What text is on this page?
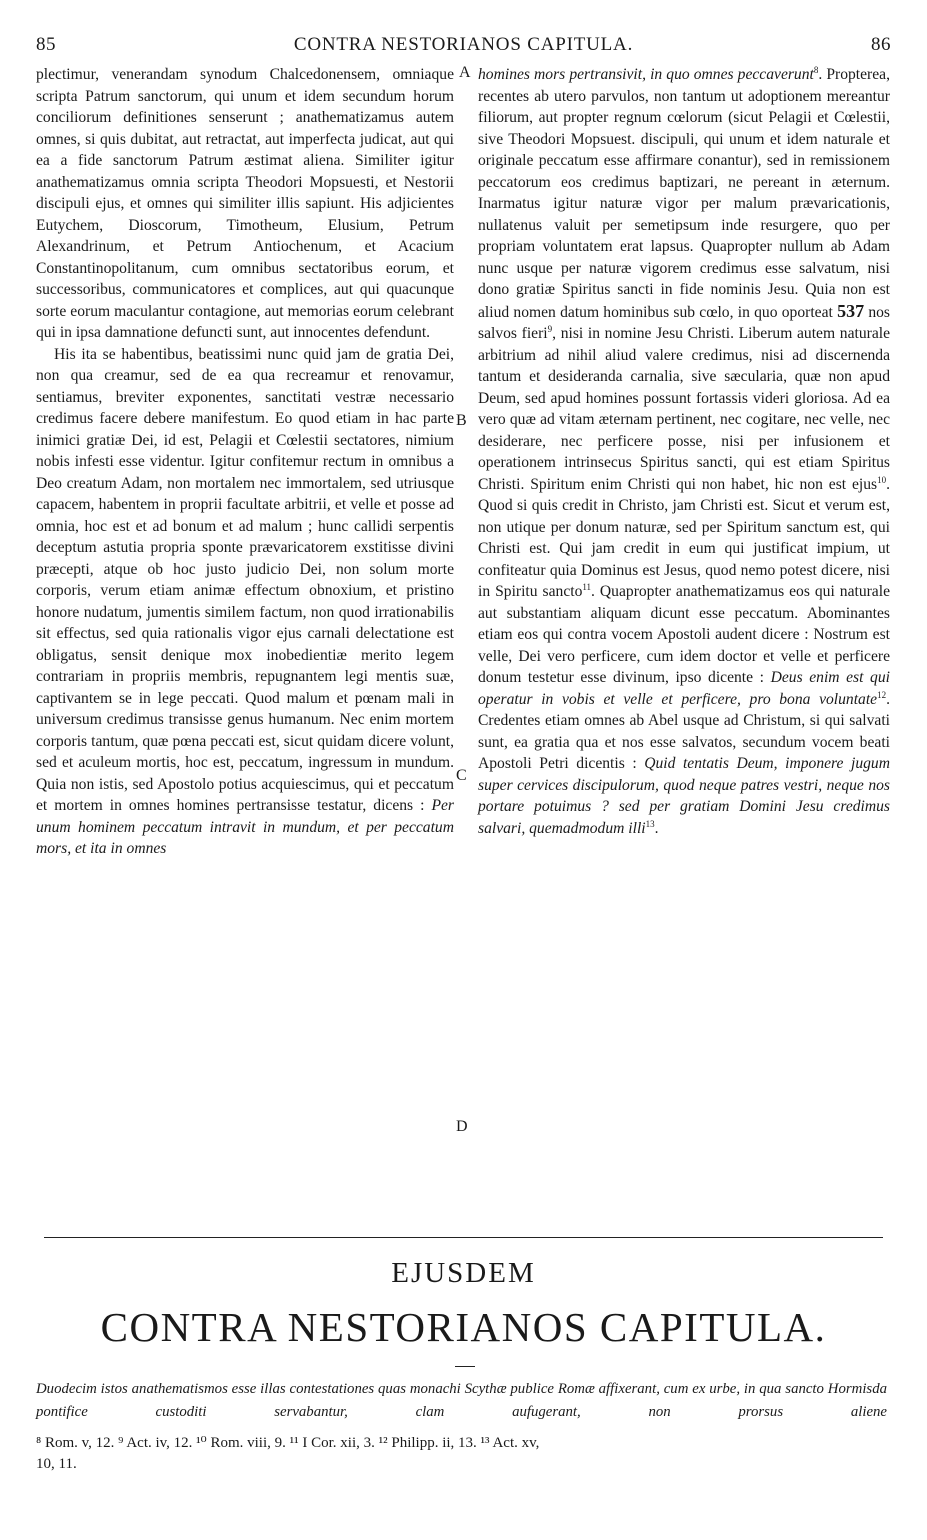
85	CONTRA NESTORIANOS CAPITULA.	86

plectimur, venerandam synodum Chalcedonensem, omniaque scripta Patrum sanctorum, qui unum et idem secundum horum conciliorum definitiones senserunt ; anathematizamus autem omnes, si quis dubitat, aut retractat, aut imperfecta judicat, aut qui ea a fide sanctorum Patrum æstimat aliena. Similiter igitur anathematizamus omnia scripta Theodori Mopsuesti, et Nestorii discipuli ejus, et omnes qui similiter illis sapiunt. His adjicientes Eutychem, Dioscorum, Timotheum, Elusium, Petrum Alexandrinum, et Petrum Antiochenum, et Acacium Constantinopolitanum, cum omnibus sectatoribus eorum, et successoribus, communicatores et complices, aut qui quacunque sorte eorum maculantur contagione, aut memorias eorum celebrant qui in ipsa damnatione defuncti sunt, aut innocentes defendunt.

His ita se habentibus, beatissimi nunc quid jam de gratia Dei, non qua creamur, sed de ea qua recreamur et renovamur, sentiamus, breviter exponentes, sanctitati vestræ necessario credimus facere debere manifestum. Eo quod etiam in hac parte inimici gratiæ Dei, id est, Pelagii et Cœlestii sectatores, nimium nobis infesti esse videntur. Igitur confitemur rectum in omnibus a Deo creatum Adam, non mortalem nec immortalem, sed utriusque capacem, habentem in proprii facultate arbitrii, et velle et posse ad omnia, hoc est et ad bonum et ad malum ; hunc callidi serpentis deceptum astutia propria sponte prævaricatorem exstitisse divini præcepti, atque ob hoc justo judicio Dei, non solum morte corporis, verum etiam animæ effectum obnoxium, et pristino honore nudatum, jumentis similem factum, non quod irrationabilis sit effectus, sed quia rationalis vigor ejus carnali delectatione est obligatus, sensit denique mox inobedientiæ merito legem contrariam in propriis membris, repugnantem legi mentis suæ, captivantem se in lege peccati. Quod malum et pœnam mali in universum credimus transisse genus humanum. Nec enim mortem corporis tantum, quæ pœna peccati est, sicut quidam dicere volunt, sed et aculeum mortis, hoc est, peccatum, ingressum in mundum. Quia non istis, sed Apostolo potius acquiescimus, qui et peccatum et mortem in omnes homines pertransisse testatur, dicens : Per unum hominem peccatum intravit in mundum, et per peccatum mors, et ita in omnes

A
B
C
D

homines mors pertransivit, in quo omnes peccaverunt$^8$. Propterea, recentes ab utero parvulos, non tantum ut adoptionem mereantur filiorum, aut propter regnum cœlorum (sicut Pelagii et Cœlestii, sive Theodori Mopsuest. discipuli, qui unum et idem naturale et originale peccatum esse affirmare conantur), sed in remissionem peccatorum eos credimus baptizari, ne pereant in æternum. Inarmatus igitur naturæ vigor per malum prævaricationis, nullatenus valuit per semetipsum inde resurgere, quo per propriam voluntatem erat lapsus. Quapropter nullum ab Adam nunc usque per naturæ vigorem credimus esse salvatum, nisi dono gratiæ Spiritus sancti in fide nominis Jesu. Quia non est aliud nomen datum hominibus sub cœlo, in quo oporteat 537 nos salvos fieri$^9$, nisi in nomine Jesu Christi. Liberum autem naturale arbitrium ad nihil aliud valere credimus, nisi ad discernenda tantum et desideranda carnalia, sive sæcularia, quæ non apud Deum, sed apud homines possunt fortassis videri gloriosa. Ad ea vero quæ ad vitam æternam pertinent, nec cogitare, nec velle, nec desiderare, nec perficere posse, nisi per infusionem et operationem intrinsecus Spiritus sancti, qui est etiam Spiritus Christi. Spiritum enim Christi qui non habet, hic non est ejus$^{10}$. Quod si quis credit in Christo, jam Christi est. Sicut et verum est, non utique per donum naturæ, sed per Spiritum sanctum est, qui Christi est. Qui jam credit in eum qui justificat impium, ut confiteatur quia Dominus est Jesus, quod nemo potest dicere, nisi in Spiritu sancto$^{11}$. Quapropter anathematizamus eos qui naturale aut substantiam aliquam dicunt esse peccatum. Abominantes etiam eos qui contra vocem Apostoli audent dicere : Nostrum est velle, Dei vero perficere, cum idem doctor et velle et perficere donum testetur esse divinum, ipso dicente : Deus enim est qui operatur in vobis et velle et perficere, pro bona voluntate$^{12}$. Credentes etiam omnes ab Abel usque ad Christum, si qui salvati sunt, ea gratia qua et nos esse salvatos, secundum vocem beati Apostoli Petri dicentis : Quid tentatis Deum, imponere jugum super cervices discipulorum, quod neque patres vestri, neque nos portare potuimus ? sed per gratiam Domini Jesu credimus salvari, quemadmodum illi$^{13}$.

EJUSDEM
CONTRA NESTORIANOS CAPITULA.

Duodecim istos anathematismos esse illas contestationes quas monachi Scythæ publice Romæ affixerant, cum ex urbe, in qua sancto Hormisda pontifice custoditi servabantur, clam aufugerant, non prorsus aliene

⁸ Rom. v, 12. ⁹ Act. iv, 12. ¹⁰ Rom. viii, 9. ¹¹ I Cor. xii, 3. ¹² Philipp. ii, 13. ¹³ Act. xv,

10, 11.
